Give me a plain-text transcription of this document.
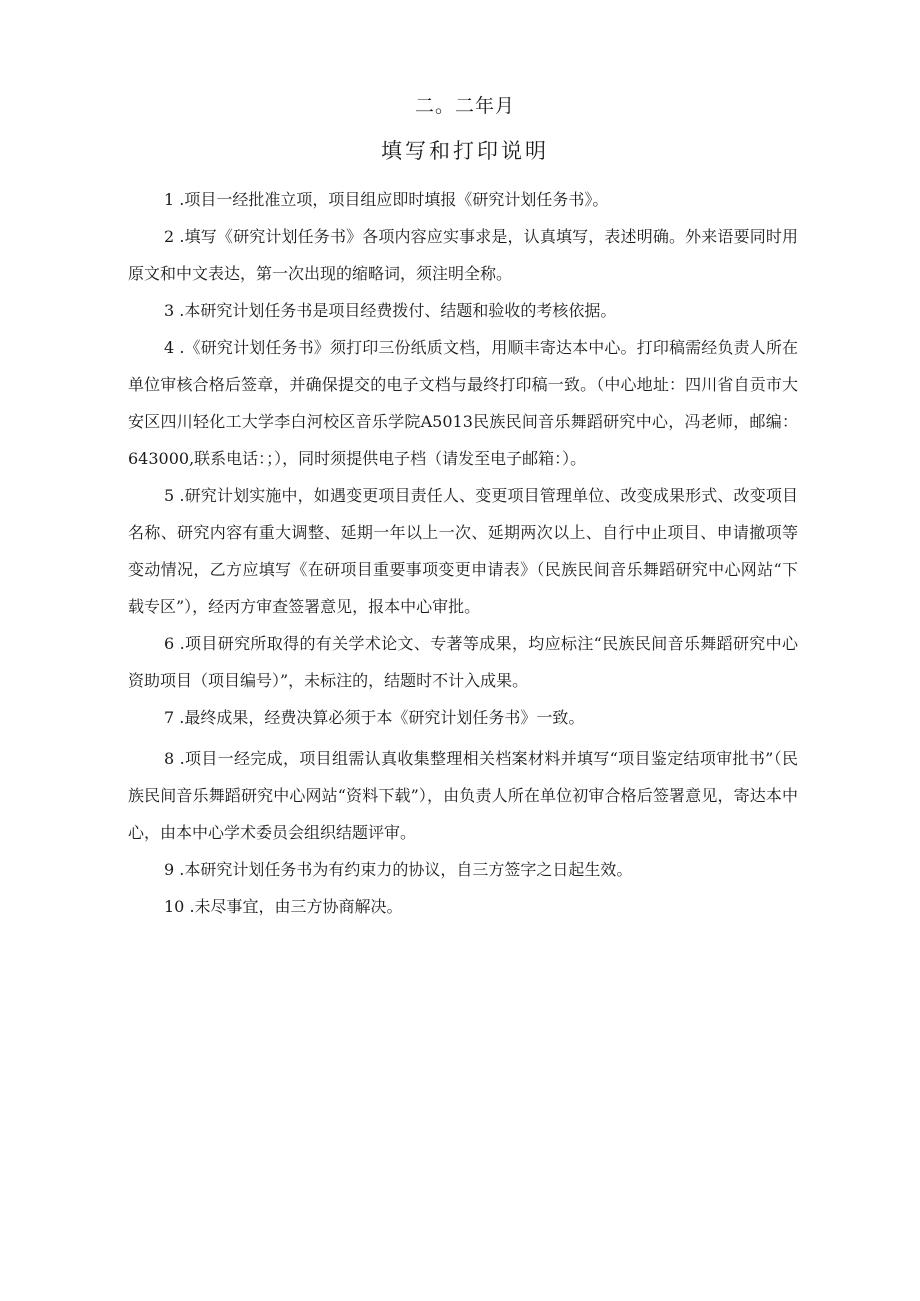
二。二年月
填写和打印说明

1 .项目一经批准立项，项目组应即时填报《研究计划任务书》。

2 .填写《研究计划任务书》各项内容应实事求是，认真填写，表述明确。外来语要同时用原文和中文表达，第一次出现的缩略词，须注明全称。

3 .本研究计划任务书是项目经费拨付、结题和验收的考核依据。

4 .《研究计划任务书》须打印三份纸质文档，用顺丰寄达本中心。打印稿需经负责人所在单位审核合格后签章，并确保提交的电子文档与最终打印稿一致。（中心地址：四川省自贡市大安区四川轻化工大学李白河校区音乐学院A5013民族民间音乐舞蹈研究中心，冯老师，邮编：643000,联系电话：；），同时须提供电子档（请发至电子邮箱：）。

5 .研究计划实施中，如遇变更项目责任人、变更项目管理单位、改变成果形式、改变项目名称、研究内容有重大调整、延期一年以上一次、延期两次以上、自行中止项目、申请撤项等变动情况，乙方应填写《在研项目重要事项变更申请表》（民族民间音乐舞蹈研究中心网站“下载专区”），经丙方审查签署意见，报本中心审批。

6 .项目研究所取得的有关学术论文、专著等成果，均应标注“民族民间音乐舞蹈研究中心资助项目（项目编号）”，未标注的，结题时不计入成果。

7 .最终成果，经费决算必须于本《研究计划任务书》一致。

8 .项目一经完成，项目组需认真收集整理相关档案材料并填写“项目鉴定结项审批书”（民族民间音乐舞蹈研究中心网站“资料下载”），由负责人所在单位初审合格后签署意见，寄达本中心，由本中心学术委员会组织结题评审。

9 .本研究计划任务书为有约束力的协议，自三方签字之日起生效。

10 .未尽事宜，由三方协商解决。
